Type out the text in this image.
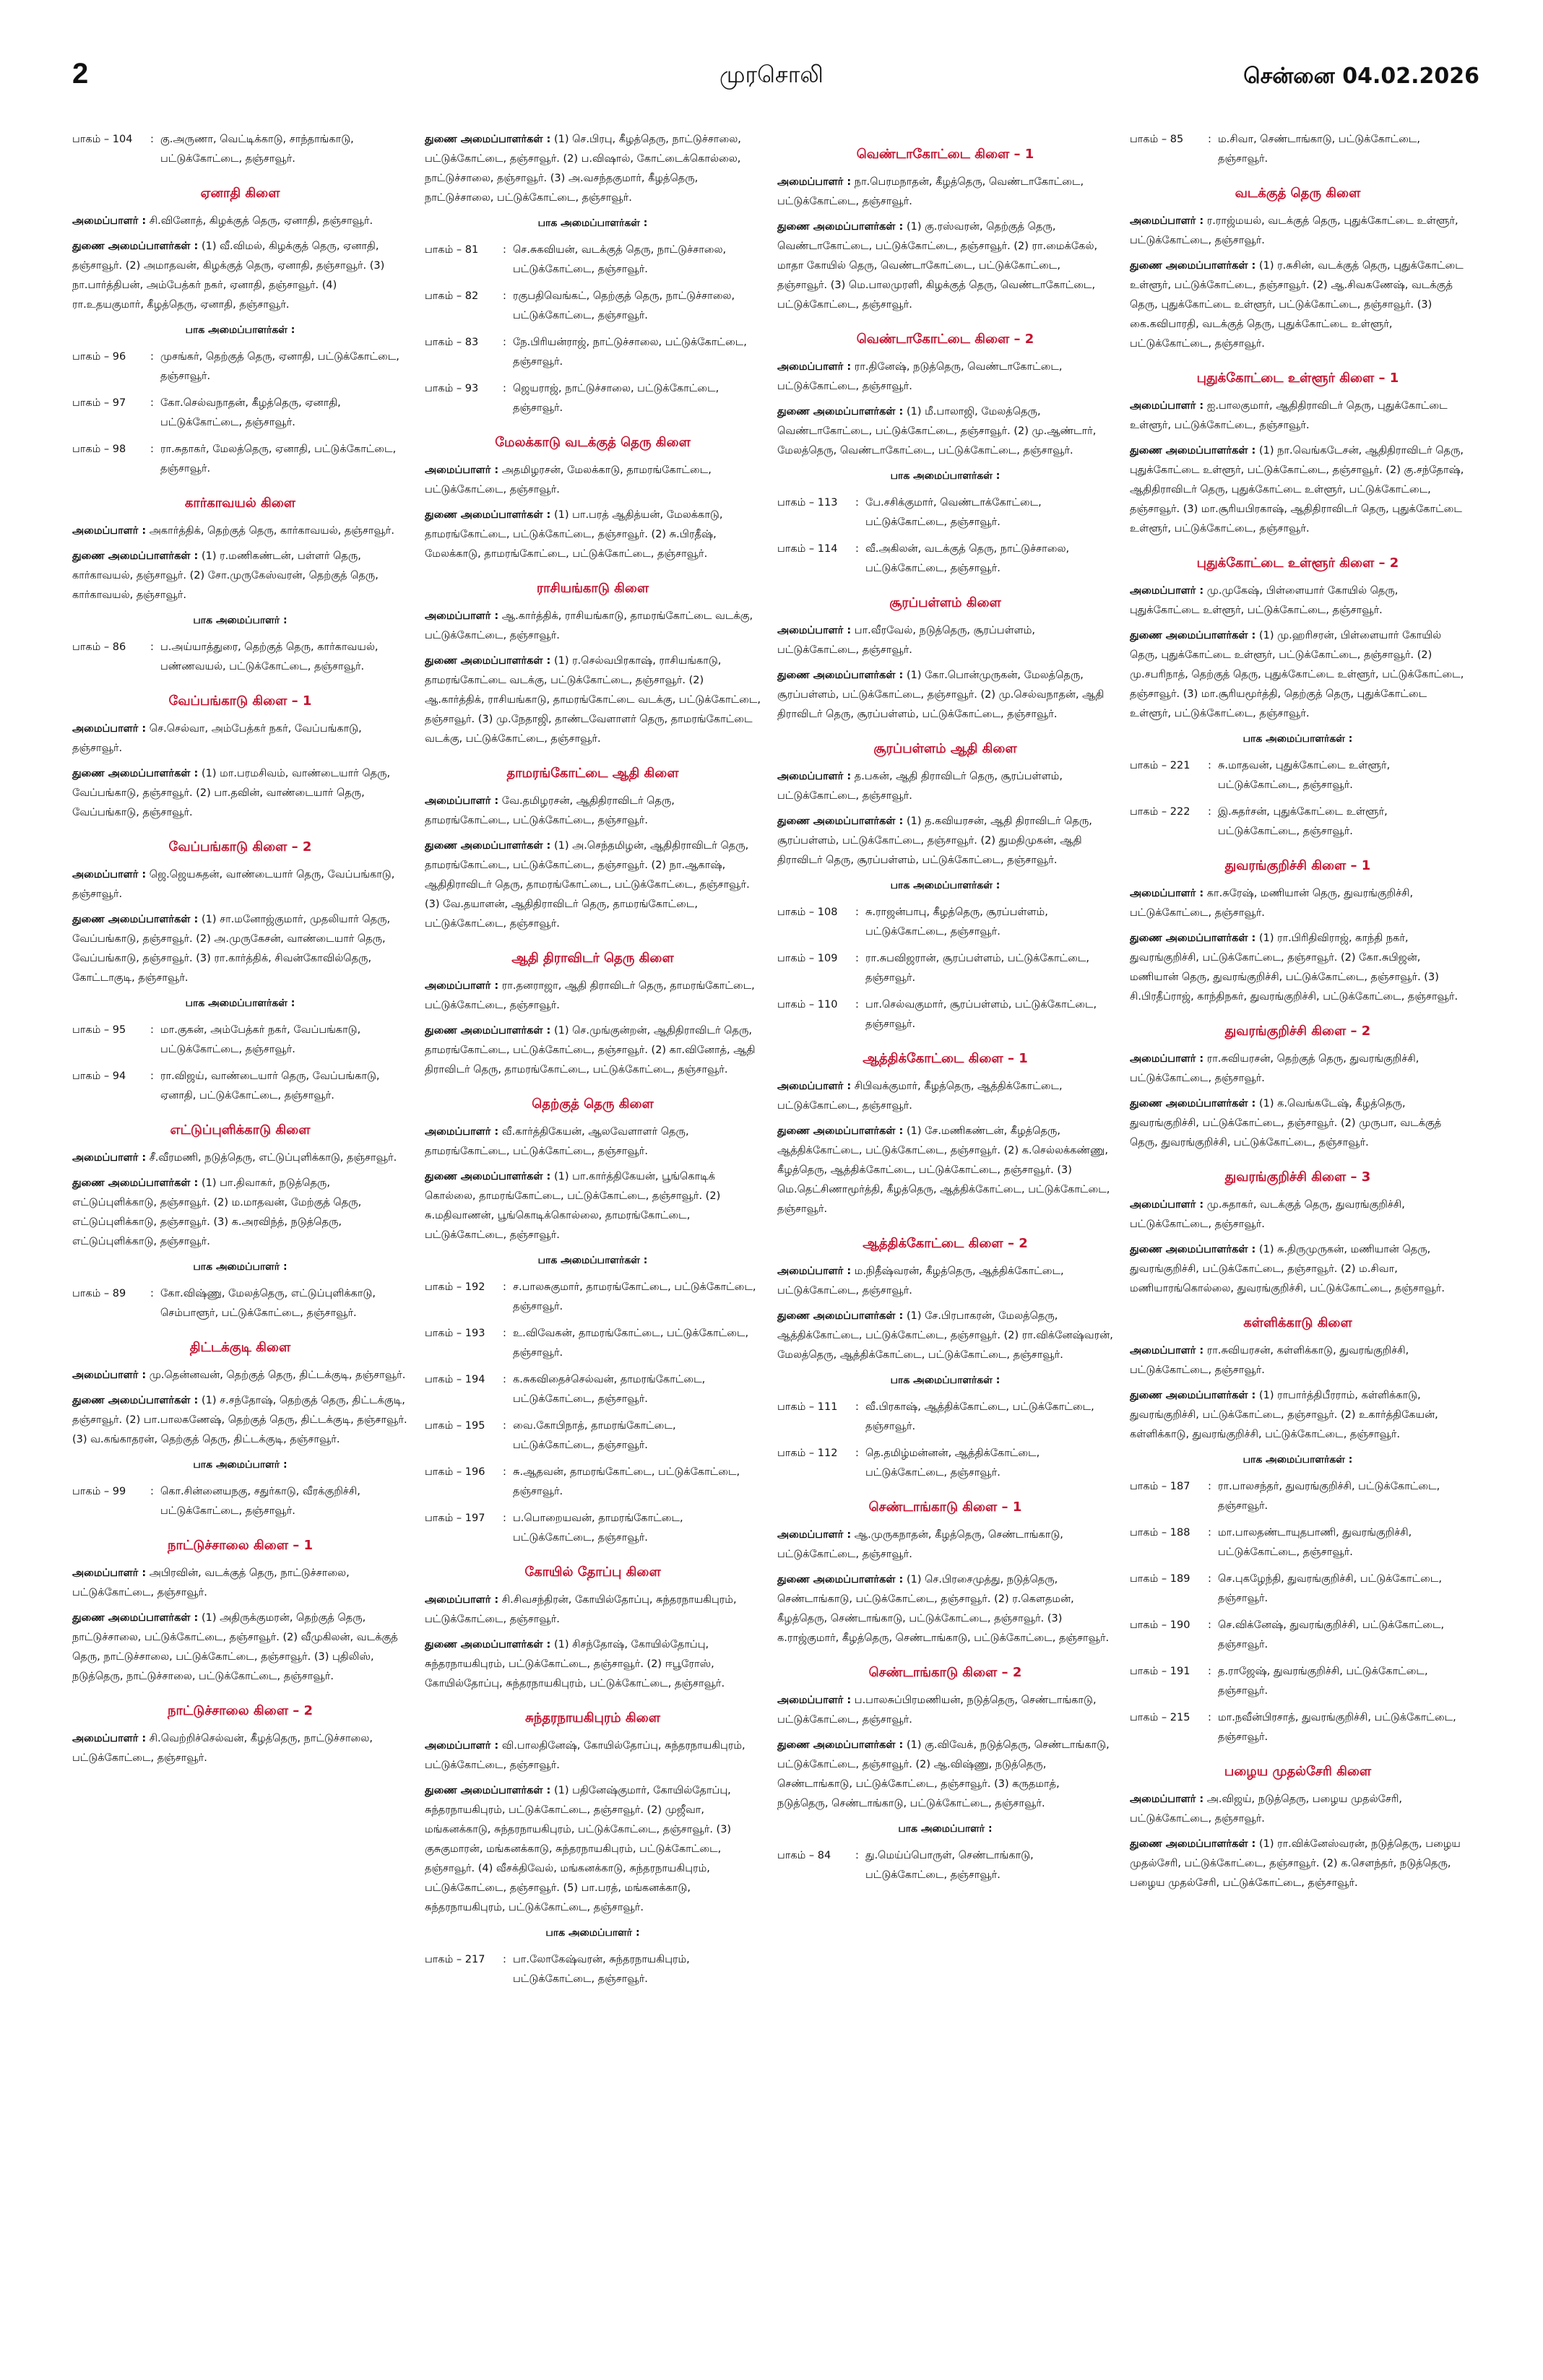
2	முரசொலி	சென்னை 04.02.2026
பாகம் – 104	: கு.அருணா, வெட்டிக்காடு, சாந்தாங்காடு, பட்டுக்கோட்டை, தஞ்சாவூர்.
ஏனாதி கிளை
அமைப்பாளர் : சி.வினோத், கிழக்குத் தெரு, ஏனாதி, தஞ்சாவூர்.
துணை அமைப்பாளர்கள் : (1) வீ.விமல், கிழக்குத் தெரு, ஏனாதி, தஞ்சாவூர். (2) அமாதவன், கிழக்குத் தெரு, ஏனாதி, தஞ்சாவூர். (3) நா.பார்த்திபன், அம்பேத்கர் நகர், ஏனாதி, தஞ்சாவூர். (4) ரா.உதயகுமார், கீழத்தெரு, ஏனாதி, தஞ்சாவூர்.
பாக அமைப்பாளர்கள் :
பாகம் – 96	: முசங்கர், தெற்குத் தெரு, ஏனாதி, பட்டுக்கோட்டை, தஞ்சாவூர்.
பாகம் – 97	: கோ.செல்வநாதன், கீழத்தெரு, ஏனாதி, பட்டுக்கோட்டை, தஞ்சாவூர்.
பாகம் – 98	: ரா.சுதாகர், மேலத்தெரு, ஏனாதி, பட்டுக்கோட்டை, தஞ்சாவூர்.
கார்காவயல் கிளை
அமைப்பாளர் : அகார்த்திக், தெற்குத் தெரு, கார்காவயல், தஞ்சாவூர்.
துணை அமைப்பாளர்கள் : (1) ர.மணிகண்டன், பள்ளர் தெரு, கார்காவயல், தஞ்சாவூர். (2) சோ.முருகேஸ்வரன், தெற்குத் தெரு, கார்காவயல், தஞ்சாவூர்.
பாக அமைப்பாளர் :
பாகம் – 86	: ப.அய்யாத்துரை, தெற்குத் தெரு, கார்காவயல், பண்ணவயல், பட்டுக்கோட்டை, தஞ்சாவூர்.
வேப்பங்காடு கிளை – 1
அமைப்பாளர் : செ.செல்வா, அம்பேத்கர் நகர், வேப்பங்காடு, தஞ்சாவூர்.
துணை அமைப்பாளர்கள் : (1) மா.பரமசிவம், வாண்டையார் தெரு, வேப்பங்காடு, தஞ்சாவூர். (2) பா.தவின், வாண்டையார் தெரு, வேப்பங்காடு, தஞ்சாவூர்.
வேப்பங்காடு கிளை – 2
அமைப்பாளர் : ஜெ.ஜெயசுதன், வாண்டையார் தெரு, வேப்பங்காடு, தஞ்சாவூர்.
துணை அமைப்பாளர்கள் : (1) சா.மனோஜ்குமார், முதலியார் தெரு, வேப்பங்காடு, தஞ்சாவூர். (2) அ.முருகேசன், வாண்டையார் தெரு, வேப்பங்காடு, தஞ்சாவூர். (3) ரா.கார்த்திக், சிவன்கோவில்தெரு, கோட்டாகுடி, தஞ்சாவூர்.
பாக அமைப்பாளர்கள் :
பாகம் – 95	: மா.குகன், அம்பேத்கர் நகர், வேப்பங்காடு, பட்டுக்கோட்டை, தஞ்சாவூர்.
பாகம் – 94	: ரா.விஜய், வாண்டையார் தெரு, வேப்பங்காடு, ஏனாதி, பட்டுக்கோட்டை, தஞ்சாவூர்.
எட்டுப்புளிக்காடு கிளை
அமைப்பாளர் : சீ.வீரமணி, நடுத்தெரு, எட்டுப்புளிக்காடு, தஞ்சாவூர்.
துணை அமைப்பாளர்கள் : (1) பா.திவாகர், நடுத்தெரு, எட்டுப்புளிக்காடு, தஞ்சாவூர். (2) ம.மாதவன், மேற்குத் தெரு, எட்டுப்புளிக்காடு, தஞ்சாவூர். (3) க.அரவிந்த், நடுத்தெரு, எட்டுப்புளிக்காடு, தஞ்சாவூர்.
பாக அமைப்பாளர் :
பாகம் – 89	: கோ.விஷ்ணு, மேலத்தெரு, எட்டுப்புளிக்காடு, செம்பாளூர், பட்டுக்கோட்டை, தஞ்சாவூர்.
திட்டக்குடி கிளை
அமைப்பாளர் : மு.தென்னவன், தெற்குத் தெரு, திட்டக்குடி, தஞ்சாவூர்.
துணை அமைப்பாளர்கள் : (1) ச.சந்தோஷ், தெற்குத் தெரு, திட்டக்குடி, தஞ்சாவூர். (2) பா.பாலகணேஷ், தெற்குத் தெரு, திட்டக்குடி, தஞ்சாவூர். (3) வ.கங்காதரன், தெற்குத் தெரு, திட்டக்குடி, தஞ்சாவூர்.
பாக அமைப்பாளர் :
பாகம் – 99	: கொ.சின்னையநகு, சதுர்காடு, வீரக்குறிச்சி, பட்டுக்கோட்டை, தஞ்சாவூர்.
நாட்டுச்சாலை கிளை – 1
அமைப்பாளர் : அபிரவின், வடக்குத் தெரு, நாட்டுச்சாலை, பட்டுக்கோட்டை, தஞ்சாவூர்.
துணை அமைப்பாளர்கள் : (1) அதிருக்குமரன், தெற்குத் தெரு, நாட்டுச்சாலை, பட்டுக்கோட்டை, தஞ்சாவூர். (2) வீமுகிலன், வடக்குத் தெரு, நாட்டுச்சாலை, பட்டுக்கோட்டை, தஞ்சாவூர். (3) புதிலிஸ், நடுத்தெரு, நாட்டுச்சாலை, பட்டுக்கோட்டை, தஞ்சாவூர்.
நாட்டுச்சாலை கிளை – 2
அமைப்பாளர் : சி.வெற்றிச்செல்வன், கீழத்தெரு, நாட்டுச்சாலை, பட்டுக்கோட்டை, தஞ்சாவூர்.
துணை அமைப்பாளர்கள் : (1) செ.பிரபு, கீழத்தெரு, நாட்டுச்சாலை, பட்டுக்கோட்டை, தஞ்சாவூர். (2) ப.விஷால், கோட்டைக்கொல்லை, நாட்டுச்சாலை, தஞ்சாவூர். (3) அ.வசந்தகுமார், கீழத்தெரு, நாட்டுச்சாலை, பட்டுக்கோட்டை, தஞ்சாவூர்.
பாக அமைப்பாளர்கள் :
பாகம் – 81	: செ.சுகவியன், வடக்குத் தெரு, நாட்டுச்சாலை, பட்டுக்கோட்டை, தஞ்சாவூர்.
பாகம் – 82	: ரகுபதிவெங்கட், தெற்குத் தெரு, நாட்டுச்சாலை, பட்டுக்கோட்டை, தஞ்சாவூர்.
பாகம் – 83	: நே.பிரியன்ராஜ், நாட்டுச்சாலை, பட்டுக்கோட்டை, தஞ்சாவூர்.
பாகம் – 93	: ஜெயராஜ், நாட்டுச்சாலை, பட்டுக்கோட்டை, தஞ்சாவூர்.
மேலக்காடு வடக்குத் தெரு கிளை
அமைப்பாளர் : அதமிழரசன், மேலக்காடு, தாமரங்கோட்டை, பட்டுக்கோட்டை, தஞ்சாவூர்.
துணை அமைப்பாளர்கள் : (1) பா.பரத் ஆதித்யன், மேலக்காடு, தாமரங்கோட்டை, பட்டுக்கோட்டை, தஞ்சாவூர். (2) சு.பிரதீஷ், மேலக்காடு, தாமரங்கோட்டை, பட்டுக்கோட்டை, தஞ்சாவூர்.
ராசியங்காடு கிளை
அமைப்பாளர் : ஆ.கார்த்திக், ராசியங்காடு, தாமரங்கோட்டை வடக்கு, பட்டுக்கோட்டை, தஞ்சாவூர்.
துணை அமைப்பாளர்கள் : (1) ர.செல்வபிரகாஷ், ராசியங்காடு, தாமரங்கோட்டை வடக்கு, பட்டுக்கோட்டை, தஞ்சாவூர். (2) ஆ.கார்த்திக், ராசியங்காடு, தாமரங்கோட்டை வடக்கு, பட்டுக்கோட்டை, தஞ்சாவூர். (3) மு.நேதாஜி, தாண்டவேளாளர் தெரு, தாமரங்கோட்டை வடக்கு, பட்டுக்கோட்டை, தஞ்சாவூர்.
தாமரங்கோட்டை ஆதி கிளை
அமைப்பாளர் : வே.தமிழரசன், ஆதிதிராவிடர் தெரு, தாமரங்கோட்டை, பட்டுக்கோட்டை, தஞ்சாவூர்.
துணை அமைப்பாளர்கள் : (1) அ.செந்தமிழன், ஆதிதிராவிடர் தெரு, தாமரங்கோட்டை, பட்டுக்கோட்டை, தஞ்சாவூர். (2) நா.ஆகாஷ், ஆதிதிராவிடர் தெரு, தாமரங்கோட்டை, பட்டுக்கோட்டை, தஞ்சாவூர். (3) வே.தயாளன், ஆதிதிராவிடர் தெரு, தாமரங்கோட்டை, பட்டுக்கோட்டை, தஞ்சாவூர்.
ஆதி திராவிடர் தெரு கிளை
அமைப்பாளர் : ரா.தனராஜா, ஆதி திராவிடர் தெரு, தாமரங்கோட்டை, பட்டுக்கோட்டை, தஞ்சாவூர்.
துணை அமைப்பாளர்கள் : (1) செ.முங்குன்றன், ஆதிதிராவிடர் தெரு, தாமரங்கோட்டை, பட்டுக்கோட்டை, தஞ்சாவூர். (2) கா.வினோத், ஆதி திராவிடர் தெரு, தாமரங்கோட்டை, பட்டுக்கோட்டை, தஞ்சாவூர்.
தெற்குத் தெரு கிளை
அமைப்பாளர் : வீ.கார்த்திகேயன், ஆலவேளாளர் தெரு, தாமரங்கோட்டை, பட்டுக்கோட்டை, தஞ்சாவூர்.
துணை அமைப்பாளர்கள் : (1) பா.கார்த்திகேயன், பூங்கொடிக் கொல்லை, தாமரங்கோட்டை, பட்டுக்கோட்டை, தஞ்சாவூர். (2) சு.மதிவாணன், பூங்கொடிக்கொல்லை, தாமரங்கோட்டை, பட்டுக்கோட்டை, தஞ்சாவூர்.
பாக அமைப்பாளர்கள் :
பாகம் – 192	: ச.பாலசுகுமார், தாமரங்கோட்டை, பட்டுக்கோட்டை, தஞ்சாவூர்.
பாகம் – 193	: உ.விவேகன், தாமரங்கோட்டை, பட்டுக்கோட்டை, தஞ்சாவூர்.
பாகம் – 194	: க.சுகவிதைச்செல்வன், தாமரங்கோட்டை, பட்டுக்கோட்டை, தஞ்சாவூர்.
பாகம் – 195	: வை.கோபிநாத், தாமரங்கோட்டை, பட்டுக்கோட்டை, தஞ்சாவூர்.
பாகம் – 196	: சு.ஆதவன், தாமரங்கோட்டை, பட்டுக்கோட்டை, தஞ்சாவூர்.
பாகம் – 197	: ப.பொறையவன், தாமரங்கோட்டை, பட்டுக்கோட்டை, தஞ்சாவூர்.
கோயில் தோப்பு கிளை
அமைப்பாளர் : சி.சிவசந்திரன், கோயில்தோப்பு, சுந்தரநாயகிபுரம், பட்டுக்கோட்டை, தஞ்சாவூர்.
துணை அமைப்பாளர்கள் : (1) சிசந்தோஷ், கோயில்தோப்பு, சுந்தரநாயகிபுரம், பட்டுக்கோட்டை, தஞ்சாவூர். (2) ஈபூரோஸ், கோயில்தோப்பு, சுந்தரநாயகிபுரம், பட்டுக்கோட்டை, தஞ்சாவூர்.
சுந்தரநாயகிபுரம் கிளை
அமைப்பாளர் : வி.பாலதினேஷ், கோயில்தோப்பு, சுந்தரநாயகிபுரம், பட்டுக்கோட்டை, தஞ்சாவூர்.
துணை அமைப்பாளர்கள் : (1) பதினேஷ்குமார், கோயில்தோப்பு, சுந்தரநாயகிபுரம், பட்டுக்கோட்டை, தஞ்சாவூர். (2) முஜீவா, மங்கனக்காடு, சுந்தரநாயகிபுரம், பட்டுக்கோட்டை, தஞ்சாவூர். (3) குசுகுமாரன், மங்கனக்காடு, சுந்தரநாயகிபுரம், பட்டுக்கோட்டை, தஞ்சாவூர். (4) வீசக்திவேல், மங்கனக்காடு, சுந்தரநாயகிபுரம், பட்டுக்கோட்டை, தஞ்சாவூர். (5) பா.பரத், மங்கனக்காடு, சுந்தரநாயகிபுரம், பட்டுக்கோட்டை, தஞ்சாவூர்.
பாக அமைப்பாளர் :
பாகம் – 217	: பா.லோகேஷ்வரன், சுந்தரநாயகிபுரம், பட்டுக்கோட்டை, தஞ்சாவூர்.
வெண்டாகோட்டை கிளை – 1
அமைப்பாளர் : நா.பெரமநாதன், கீழத்தெரு, வெண்டாகோட்டை, பட்டுக்கோட்டை, தஞ்சாவூர்.
துணை அமைப்பாளர்கள் : (1) கு.ரஸ்வரன், தெற்குத் தெரு, வெண்டாகோட்டை, பட்டுக்கோட்டை, தஞ்சாவூர். (2) ரா.மைக்கேல், மாதா கோயில் தெரு, வெண்டாகோட்டை, பட்டுக்கோட்டை, தஞ்சாவூர். (3) மெ.பாலமுரளி, கிழக்குத் தெரு, வெண்டாகோட்டை, பட்டுக்கோட்டை, தஞ்சாவூர்.
வெண்டாகோட்டை கிளை – 2
அமைப்பாளர் : ரா.தினேஷ், நடுத்தெரு, வெண்டாகோட்டை, பட்டுக்கோட்டை, தஞ்சாவூர்.
துணை அமைப்பாளர்கள் : (1) மீ.பாலாஜி, மேலத்தெரு, வெண்டாகோட்டை, பட்டுக்கோட்டை, தஞ்சாவூர். (2) மு.ஆண்டார், மேலத்தெரு, வெண்டாகோட்டை, பட்டுக்கோட்டை, தஞ்சாவூர்.
பாக அமைப்பாளர்கள் :
பாகம் – 113	: பே.சசிக்குமார், வெண்டாக்கோட்டை, பட்டுக்கோட்டை, தஞ்சாவூர்.
பாகம் – 114	: வீ.அகிலன், வடக்குத் தெரு, நாட்டுச்சாலை, பட்டுக்கோட்டை, தஞ்சாவூர்.
சூரப்பள்ளம் கிளை
அமைப்பாளர் : பா.வீரவேல், நடுத்தெரு, சூரப்பள்ளம், பட்டுக்கோட்டை, தஞ்சாவூர்.
துணை அமைப்பாளர்கள் : (1) கோ.பொன்முருகன், மேலத்தெரு, சூரப்பள்ளம், பட்டுக்கோட்டை, தஞ்சாவூர். (2) மு.செல்வநாதன், ஆதி திராவிடர் தெரு, சூரப்பள்ளம், பட்டுக்கோட்டை, தஞ்சாவூர்.
சூரப்பள்ளம் ஆதி கிளை
அமைப்பாளர் : த.பகன், ஆதி திராவிடர் தெரு, சூரப்பள்ளம், பட்டுக்கோட்டை, தஞ்சாவூர்.
துணை அமைப்பாளர்கள் : (1) த.கவியரசன், ஆதி திராவிடர் தெரு, சூரப்பள்ளம், பட்டுக்கோட்டை, தஞ்சாவூர். (2) துமதிமுகன், ஆதி திராவிடர் தெரு, சூரப்பள்ளம், பட்டுக்கோட்டை, தஞ்சாவூர்.
பாக அமைப்பாளர்கள் :
பாகம் – 108	: சு.ராஜன்பாபு, கீழத்தெரு, சூரப்பள்ளம், பட்டுக்கோட்டை, தஞ்சாவூர்.
பாகம் – 109	: ரா.சுபவிஜரான், சூரப்பள்ளம், பட்டுக்கோட்டை, தஞ்சாவூர்.
பாகம் – 110	: பா.செல்வகுமார், சூரப்பள்ளம், பட்டுக்கோட்டை, தஞ்சாவூர்.
ஆத்திக்கோட்டை கிளை – 1
அமைப்பாளர் : சிபிவக்குமார், கீழத்தெரு, ஆத்திக்கோட்டை, பட்டுக்கோட்டை, தஞ்சாவூர்.
துணை அமைப்பாளர்கள் : (1) சே.மணிகண்டன், கீழத்தெரு, ஆத்திக்கோட்டை, பட்டுக்கோட்டை, தஞ்சாவூர். (2) க.செல்லக்கண்ணு, கீழத்தெரு, ஆத்திக்கோட்டை, பட்டுக்கோட்டை, தஞ்சாவூர். (3) மெ.தெட்சிணாமூர்த்தி, கீழத்தெரு, ஆத்திக்கோட்டை, பட்டுக்கோட்டை, தஞ்சாவூர்.
ஆத்திக்கோட்டை கிளை – 2
அமைப்பாளர் : ம.நிதீஷ்வரன், கீழத்தெரு, ஆத்திக்கோட்டை, பட்டுக்கோட்டை, தஞ்சாவூர்.
துணை அமைப்பாளர்கள் : (1) சே.பிரபாகரன், மேலத்தெரு, ஆத்திக்கோட்டை, பட்டுக்கோட்டை, தஞ்சாவூர். (2) ரா.விக்னேஷ்வரன், மேலத்தெரு, ஆத்திக்கோட்டை, பட்டுக்கோட்டை, தஞ்சாவூர்.
பாக அமைப்பாளர்கள் :
பாகம் – 111	: வீ.பிரகாஷ், ஆத்திக்கோட்டை, பட்டுக்கோட்டை, தஞ்சாவூர்.
பாகம் – 112	: தெ.தமிழ்மன்னன், ஆத்திக்கோட்டை, பட்டுக்கோட்டை, தஞ்சாவூர்.
செண்டாங்காடு கிளை – 1
அமைப்பாளர் : ஆ.முருகநாதன், கீழத்தெரு, செண்டாங்காடு, பட்டுக்கோட்டை, தஞ்சாவூர்.
துணை அமைப்பாளர்கள் : (1) செ.பிரசைமுத்து, நடுத்தெரு, செண்டாங்காடு, பட்டுக்கோட்டை, தஞ்சாவூர். (2) ர.கௌதமன், கீழத்தெரு, செண்டாங்காடு, பட்டுக்கோட்டை, தஞ்சாவூர். (3) க.ராஜ்குமார், கீழத்தெரு, செண்டாங்காடு, பட்டுக்கோட்டை, தஞ்சாவூர்.
செண்டாங்காடு கிளை – 2
அமைப்பாளர் : ப.பாலசுப்பிரமணியன், நடுத்தெரு, செண்டாங்காடு, பட்டுக்கோட்டை, தஞ்சாவூர்.
துணை அமைப்பாளர்கள் : (1) கு.விவேக், நடுத்தெரு, செண்டாங்காடு, பட்டுக்கோட்டை, தஞ்சாவூர். (2) ஆ.விஷ்ணு, நடுத்தெரு, செண்டாங்காடு, பட்டுக்கோட்டை, தஞ்சாவூர். (3) கருதமாத், நடுத்தெரு, செண்டாங்காடு, பட்டுக்கோட்டை, தஞ்சாவூர்.
பாக அமைப்பாளர் :
பாகம் – 84	: து.மெய்ப்பொருள், செண்டாங்காடு, பட்டுக்கோட்டை, தஞ்சாவூர்.
பாகம் – 85	: ம.சிவா, செண்டாங்காடு, பட்டுக்கோட்டை, தஞ்சாவூர்.
வடக்குத் தெரு கிளை
அமைப்பாளர் : ர.ராஜ்மயல், வடக்குத் தெரு, புதுக்கோட்டை உள்ளூர், பட்டுக்கோட்டை, தஞ்சாவூர்.
துணை அமைப்பாளர்கள் : (1) ர.சுசின், வடக்குத் தெரு, புதுக்கோட்டை உள்ளூர், பட்டுக்கோட்டை, தஞ்சாவூர். (2) ஆ.சிவகணேஷ், வடக்குத் தெரு, புதுக்கோட்டை உள்ளூர், பட்டுக்கோட்டை, தஞ்சாவூர். (3) கை.கவிபாரதி, வடக்குத் தெரு, புதுக்கோட்டை உள்ளூர், பட்டுக்கோட்டை, தஞ்சாவூர்.
புதுக்கோட்டை உள்ளூர் கிளை – 1
அமைப்பாளர் : ஐ.பாலகுமார், ஆதிதிராவிடர் தெரு, புதுக்கோட்டை உள்ளூர், பட்டுக்கோட்டை, தஞ்சாவூர்.
துணை அமைப்பாளர்கள் : (1) நா.வெங்கடேசன், ஆதிதிராவிடர் தெரு, புதுக்கோட்டை உள்ளூர், பட்டுக்கோட்டை, தஞ்சாவூர். (2) கு.சந்தோஷ், ஆதிதிராவிடர் தெரு, புதுக்கோட்டை உள்ளூர், பட்டுக்கோட்டை, தஞ்சாவூர். (3) மா.சூரியபிரகாஷ், ஆதிதிராவிடர் தெரு, புதுக்கோட்டை உள்ளூர், பட்டுக்கோட்டை, தஞ்சாவூர்.
புதுக்கோட்டை உள்ளூர் கிளை – 2
அமைப்பாளர் : மு.முகேஷ், பிள்ளையார் கோயில் தெரு, புதுக்கோட்டை உள்ளூர், பட்டுக்கோட்டை, தஞ்சாவூர்.
துணை அமைப்பாளர்கள் : (1) மு.ஹரிசரன், பிள்ளையார் கோயில் தெரு, புதுக்கோட்டை உள்ளூர், பட்டுக்கோட்டை, தஞ்சாவூர். (2) மு.சபரிநாத், தெற்குத் தெரு, புதுக்கோட்டை உள்ளூர், பட்டுக்கோட்டை, தஞ்சாவூர். (3) மா.சூரியமூர்த்தி, தெற்குத் தெரு, புதுக்கோட்டை உள்ளூர், பட்டுக்கோட்டை, தஞ்சாவூர்.
பாக அமைப்பாளர்கள் :
பாகம் – 221	: சு.மாதவன், புதுக்கோட்டை உள்ளூர், பட்டுக்கோட்டை, தஞ்சாவூர்.
பாகம் – 222	: இ.சுதர்சன், புதுக்கோட்டை உள்ளூர், பட்டுக்கோட்டை, தஞ்சாவூர்.
துவரங்குறிச்சி கிளை – 1
அமைப்பாளர் : கா.சுரேஷ், மணியான் தெரு, துவரங்குறிச்சி, பட்டுக்கோட்டை, தஞ்சாவூர்.
துணை அமைப்பாளர்கள் : (1) ரா.பிரிதிவிராஜ், காந்தி நகர், துவரங்குறிச்சி, பட்டுக்கோட்டை, தஞ்சாவூர். (2) கோ.சுபிஜன், மணியான் தெரு, துவரங்குறிச்சி, பட்டுக்கோட்டை, தஞ்சாவூர். (3) சி.பிரதீப்ராஜ், காந்திநகர், துவரங்குறிச்சி, பட்டுக்கோட்டை, தஞ்சாவூர்.
துவரங்குறிச்சி கிளை – 2
அமைப்பாளர் : ரா.சுவியரசன், தெற்குத் தெரு, துவரங்குறிச்சி, பட்டுக்கோட்டை, தஞ்சாவூர்.
துணை அமைப்பாளர்கள் : (1) க.வெங்கடேஷ், கீழத்தெரு, துவரங்குறிச்சி, பட்டுக்கோட்டை, தஞ்சாவூர். (2) முருபா, வடக்குத் தெரு, துவரங்குறிச்சி, பட்டுக்கோட்டை, தஞ்சாவூர்.
துவரங்குறிச்சி கிளை – 3
அமைப்பாளர் : மு.சுதாகர், வடக்குத் தெரு, துவரங்குறிச்சி, பட்டுக்கோட்டை, தஞ்சாவூர்.
துணை அமைப்பாளர்கள் : (1) சு.திருமுருகன், மணியான் தெரு, துவரங்குறிச்சி, பட்டுக்கோட்டை, தஞ்சாவூர். (2) ம.சிவா, மணியாரங்கொல்லை, துவரங்குறிச்சி, பட்டுக்கோட்டை, தஞ்சாவூர்.
கள்ளிக்காடு கிளை
அமைப்பாளர் : ரா.சுவியரசன், கள்ளிக்காடு, துவரங்குறிச்சி, பட்டுக்கோட்டை, தஞ்சாவூர்.
துணை அமைப்பாளர்கள் : (1) ராபார்த்திபீரராம், கள்ளிக்காடு, துவரங்குறிச்சி, பட்டுக்கோட்டை, தஞ்சாவூர். (2) உகார்த்திகேயன், கள்ளிக்காடு, துவரங்குறிச்சி, பட்டுக்கோட்டை, தஞ்சாவூர்.
பாக அமைப்பாளர்கள் :
பாகம் – 187	: ரா.பாலசந்தர், துவரங்குறிச்சி, பட்டுக்கோட்டை, தஞ்சாவூர்.
பாகம் – 188	: மா.பாலதண்டாயுதபாணி, துவரங்குறிச்சி, பட்டுக்கோட்டை, தஞ்சாவூர்.
பாகம் – 189	: செ.புகழேந்தி, துவரங்குறிச்சி, பட்டுக்கோட்டை, தஞ்சாவூர்.
பாகம் – 190	: செ.விக்னேஷ், துவரங்குறிச்சி, பட்டுக்கோட்டை, தஞ்சாவூர்.
பாகம் – 191	: த.ராஜேஷ், துவரங்குறிச்சி, பட்டுக்கோட்டை, தஞ்சாவூர்.
பாகம் – 215	: மா.நவீன்பிரசாத், துவரங்குறிச்சி, பட்டுக்கோட்டை, தஞ்சாவூர்.
பழைய முதல்சேரி கிளை
அமைப்பாளர் : அ.விஜய், நடுத்தெரு, பழைய முதல்சேரி, பட்டுக்கோட்டை, தஞ்சாவூர்.
துணை அமைப்பாளர்கள் : (1) ரா.விக்னேஸ்வரன், நடுத்தெரு, பழைய முதல்சேரி, பட்டுக்கோட்டை, தஞ்சாவூர். (2) க.சௌந்தர், நடுத்தெரு, பழைய முதல்சேரி, பட்டுக்கோட்டை, தஞ்சாவூர்.
